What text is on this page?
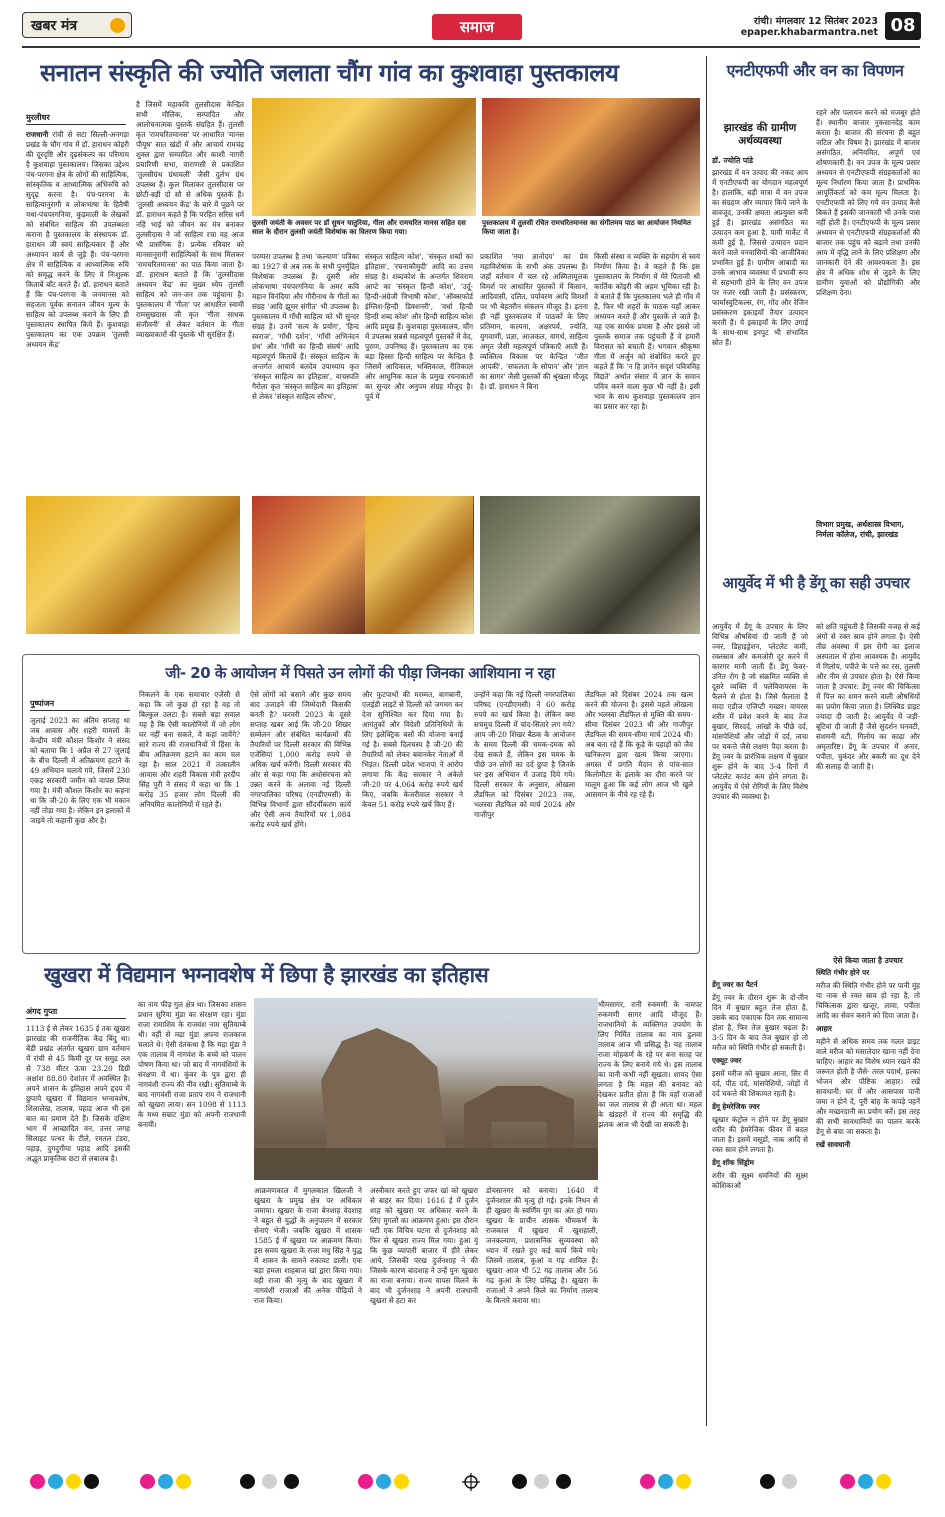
खबर मंत्र	समाज	रांची। मंगलवार 12 सितंबर 2023
epaper.khabarmantra.net 08
सनातन संस्कृति की ज्योति जलाता चौंग गांव का कुशवाहा पुस्तकालय
मुरलीधर
राजधानी रांची से सटा सिल्ली-अनगड़ा प्रखंड के चौंग गांव में डॉ. हाराधन कोइरी की दूरदृष्टि और दृढ़संकल्प का परिणाम है कुशवाहा पुस्तकालय। जिसका उद्देश्य पंच-परगना क्षेत्र के लोगों की साहित्यिक, सांस्कृतिक व आध्यात्मिक अभिरुचि को सुदृढ़ करना है। पंच-परगना के साहित्यानुरागी व लोकभाषा के हितैषी यथा-पंचपरगनिया, कुड़माली के लेखकों को संबंधित साहित्य की उपलब्धता कराना है पुस्तकालय के संस्थापक डॉ. हाराधन जी स्वयं साहित्यकार हैं और अध्यापन कार्य से जुड़े हैं। पंच-परगना क्षेत्र में साहित्यिक व आध्यात्मिक रुचि को समृद्ध करने के लिए वे निःशुल्क किताबें बाँट करते हैं। डॉ. हाराधन बताते हैं कि पंच-परगना के जनमानस को सहजता पूर्वक सनातन जीवन मूल्य के साहित्य को उपलब्ध कराने के लिए ही पुस्तकालय स्थापित किये हैं। कुशवाहा पुस्तकालय का एक उपक्रम 'तुलसी अध्ययन केंद्र'
है जिसमें महाकवि तुलसीदास केन्द्रित सभी मौलिक, सम्पादित और आलोचनात्मक पुस्तकें संग्रहित हैं। तुलसी कृत 'रामचरितमानस' पर आधारित 'मानस पीयूष' सात खंडों में और आचार्य रामचंद्र शुक्ल द्वारा सम्पादित और काशी नागरी प्रचारिणी सभा, वाराणसी से प्रकाशित 'तुलसीग्रंथ ग्रंथावली' जैसी दुर्लभ ग्रंथ उपलब्ध हैं। कुल मिलाकर तुलसीदास पर छोटी-बड़ी दो सौ से अधिक पुस्तकें हैं। 'तुलसी अध्ययन केंद्र' के बारे में पूछने पर डॉ. हाराधन कहते हैं कि परहित सरिस धर्म नहिं भाई को जीवन का मंत्र बनाकर तुलसीदास ने जो साहित्य रचा वह आज भी प्रासंगिक है। प्रत्येक रविवार को मानसानुरागी साहित्यिकों के साथ मिलकर 'रामचरितमानस' का पाठ किया जाता है। डॉ. हाराधन बताते हैं कि 'तुलसीदास अध्ययन केंद्र' का मुख्य ध्येय तुलसी साहित्य को जन-जन तक पहुंचाना है। पुस्तकालय में 'गीता' पर आधारित स्वामी रामसुखदास जी कृत 'गीता साधक संजीवनी' से लेकर वर्तमान के गीता व्याख्याकारों की पुस्तकें भी सुरक्षित हैं।
तुलसी जयंती के अवसर पर डॉ सुधन चातुरिया, गीता और रामचरित मानस सहित दस साल के दौरान तुलसी जयंती विशेषांक का वितरण किया गया।
पुस्तकालय में तुलसी रचित रामचरितमानस का संगीतमय पाठ का आयोजन नियमित किया जाता है।
परम्परा उपलब्ध है तथा 'कल्याण' पत्रिका का 1927 से अब तक के सभी पुनर्मुद्रित विशेषांक उपलब्ध हैं। दूसरी ओर लोकभाषा पंचपरगनिया के अमर कवि महान विनंदिया और गौरीनाथ के गीतों का संग्रह 'आदि झूमर संगीत' भी उपलब्ध है। पुस्तकालय में गाँधी साहित्य को भी सुन्दर संग्रह है। उनमें 'सत्य के प्रयोग', 'हिन्द स्वराज', 'गाँधी दर्शन', 'गाँधी अभिनंदन ग्रंथ' और 'गाँधी का हिन्दी संघर्ष' आदि महत्वपूर्ण किताबें हैं। संस्कृत साहित्य के अन्तर्गत आचार्य बलदेव उपाध्याय कृत 'संस्कृत साहित्य का इतिहास', वाचस्पति गैरोला कृत 'संस्कृत साहित्य का इतिहास' से लेकर 'संस्कृत साहित्य सौरभ',
संस्कृत साहित्य कोश', 'संस्कृत शब्दों का इतिहास', 'रचनाकौमुदी' आदि का उत्तम संग्रह है। शब्दकोश के अन्तर्गत शिवराम आप्टे का 'संस्कृत हिन्दी कोश', 'उर्दू-हिन्दी-अंग्रेजी त्रिभाषी कोश', 'ऑक्सफोर्ड इंग्लिश-हिन्दी डिक्शनरी', 'वर्धा हिन्दी हिन्दी शब्द कोश' और हिन्दी साहित्य कोश आदि प्रमुख हैं। कुशवाहा पुस्तकालय, चौंग में उपलब्ध सबसे महत्वपूर्ण पुस्तकों में वेद, पुराण, उपनिषद हैं। पुस्तकालय का एक बड़ा हिस्सा हिन्दी साहित्य पर केन्द्रित है जिसमें आदिकाल, भक्तिकाल, रीतिकाल और आधुनिक काल के प्रमुख रचनाकारों का सुन्दर और अनुपम संग्रह मौजूद है। पूर्व में
प्रकाशित 'नया ज्ञानोदय' का प्रेम महाविशेषांक के सभी अंक उपलब्ध हैं। जहाँ वर्तमान में चल रहे अस्मितामूलक विमर्श पर आधारित पुस्तकों में किसान, आदिवासी, दलित, पर्यावरण आदि विमर्शों पर भी बेहतरीन संकलन मौजूद है। इतना ही नहीं पुस्तकालय में पाठकों के लिए प्रतिमान, कल्पना, अक्षरपर्व, ज्योति, युगवाणी, प्रज्ञा, आजकल, वागर्थ, साहित्य अमृत जैसी महत्वपूर्ण पत्रिकाएँ आती हैं। व्यक्तित्व विकास पर केन्द्रित 'जीत आपकी', 'सफलता के सोपान' और 'ज्ञान का सागर' जैसी पुस्तकों की श्रृंखला मौजूद है। डॉ. हाराधन ने बिना
किसी संस्था व व्यक्ति के सहयोग से स्वयं निर्माण किया है। वे कहते हैं कि इस पुस्तकालय के निर्माण में मेरे पिताजी श्री कार्तिक कोइरी की अहम भूमिका रही है। वे बताते हैं कि पुस्तकालय भले ही गाँव में है, फिर भी शहरों के पाठक यहाँ आकर अध्ययन करते हैं और पुस्तकें ले जाते हैं। यह एक सार्थक प्रयास है और इससे जो पुस्तकें समाज तक पहुंचती हैं वे हमारी विरासत को बचाती हैं। भगवान श्रीकृष्ण गीता में अर्जुन को संबोधित करते हुए कहते हैं कि 'न हि ज्ञानेन सदृशं पवित्रमिह विद्यते' अर्थात संसार में ज्ञान के समान पवित्र करने वाला कुछ भी नहीं है। इसी भाव के साथ कुशवाहा पुस्तकालय ज्ञान का प्रसार कर रहा है।
एनटीएफपी और वन का विपणन
झारखंड की ग्रामीण अर्थव्यवस्था
डॉ. ज्योति पांडे
झारखंड में वन उत्पाद की नकद आय में एनटीएफपी का योगदान महत्वपूर्ण है। हालांकि, बड़ी मात्रा में वन उपज का संग्रहण और व्यापार किये जाने के बावजूद, उनकी क्षमता अप्रयुक्त बनी हुई है। झारखंड असंगठित का उत्पादन कम हुआ है, पायी मार्केट में कमी हुई है, जिससे उत्पादन प्रदान करने वाले वनवासियों की आजीविका प्रभावित हुई है। ग्रामीण आबादी का उनके आभाव व्यवस्था में प्रभावी रूप से सहभागी होने के लिए वन उपज पर नजर रखी जाती है। प्रसंस्करण, फार्मास्युटिकल्स, रंग, गोंद और रेजिन प्रसंस्करण इकाइयाँ तैयार उत्पादन करती हैं। ये इकाइयाँ के लिए उगाई के साथ-साथ इनपुट भी संभावित स्रोत हैं।
रहने और पलायन करने को मजबूर होते हैं। स्थानीय बाजार नुकसानदेह काम करता है। बाजार की संरचना ही बहुत जटिल और विषम है। झारखंड में बाजार असंगठित, अनियमित, अपूर्ण एवं शोषणकारी है। वन उपज के मूल्य प्रसार अध्ययन से एनटीएफपी संग्रहकर्ताओं का मूल्य निर्धारण किया जाता है। प्राथमिक आपूर्तिकर्ता को कम मूल्य मिलता है। एनटीएफपी को लिए गये वन उत्पाद कैसे बिकते हैं इसकी जानकारी भी उनके पास नहीं होती है। एनटीएफपी के मूल्य प्रसार अध्ययन से एनटीएफपी संग्रहकर्ताओं की बाजार तक पहुंच को बढ़ाने तथा उनकी आय में वृद्धि लाने के लिए प्रशिक्षण और जानकारी देने की आवश्यकता है। इस क्षेत्र में अधिक शोध से जुड़ने के लिए ग्रामीण युवाओं को प्रौद्योगिकी और प्रशिक्षण देना।
विभाग प्रमुख, अर्थशास्त्र विभाग, निर्मला कॉलेज, रांची, झारखंड
आयुर्वेद में भी है डेंगू का सही उपचार
आयुर्वेद में डेंगू के उपचार के लिए विभिन्न औषधियां दी जाती हैं जो ज्वर, डिहाइड्रेशन, प्लेटलेट कमी, रक्तस्राव और कमजोरी दूर करने में कारगर मानी जाती हैं। डेंगू फेवर-उनित रोग है जो संक्रमित व्यक्ति से दूसरे व्यक्ति में फ्लेविवायरस के फैलने से होता है। जिसे फैलाता है मादा एडीज एजिप्टी मच्छर। वायरस शरीर में प्रवेश करने के बाद तेज बुखार, सिरदर्द, आंखों के पीछे दर्द, मांसपेशियों और जोड़ों में दर्द, त्वचा पर चकत्ते जैसे लक्षण पैदा करता है। डेंगू ज्वर के प्रारंभिक लक्षण में बुखार शुरू होने के बाद 3-4 दिनों में प्लेटलेट काउंट कम होने लगता है। आयुर्वेद में ऐसे रोगियों के लिए विशेष उपचार की व्यवस्था है।
को क्षति पहुंचती है जिसकी वजह से कई अंगों से रक्त स्राव होने लगता है। ऐसी तीव्र अवस्था में इस रोगी का इलाज अस्पताल में होना आवश्यक है। आयुर्वेद में गिलोय, पपीते के पत्ते का रस, तुलसी और नीम से उपचार होता है। ऐसे किया जाता है उपचार: डेंगू ज्वर की चिकित्सा में पित्त का शमन करने वाली औषधियों का प्रयोग किया जाता है। लिक्विड डाइट ज्यादा दी जाती है। आयुर्वेद में जड़ी-बूटियां दी जाती हैं जैसे सुदर्शन घनवटी, संशमनी वटी, गिलोय का काढ़ा और अमृतारिष्ट। डेंगू के उपचार में अनार, पपीता, चुकंदर और बकरी का दूध देने की सलाह दी जाती है।
ऐसे किया जाता है उपचार

डेंगू ज्वर का पैटर्न

डेंगू ज्वर के दौरान शुरू के दो-तीन दिन में बुखार बहुत तेज होता है, उसके बाद एकाएक दिन तक सामान्य होता है, फिर तेज बुखार चढ़ता है। 3-5 दिन के बाद तेज बुखार हो तो मरीज को स्थिति गंभीर हो सकती है।

एक्यूट ज्वर

इसमें मरीज को बुखार आना, सिर में दर्द, पीठ दर्द, मांसपेशियों, जोड़ों में दर्द चकत्ते की शिकायत रहती है।

डेंगू हेमरेजिक ज्वर

खुखार कंट्रोल न होने पर डेंगू बुखार शरीर की हेमरेजिक फीवर में बदल जाता है। इसमें मसूड़ों, नाक आदि से रक्त स्राव होने लगता है।

डेंगू शॉक सिंड्रोम

शरीर की सूक्ष्म धमनियों की सूक्ष्म कोशिकाओं

स्थिति गंभीर होने पर

मरीज की स्थिति गंभीर होने पर पानी मुंह या नाक से रक्त स्राव हो रहा है, तो चिकित्सक द्वारा खजूर, लावा, पपीता आदि का सेवन कराने को दिया जाता है।

आहार

महीने से अधिक समय तक गलत डाइट वाले मरीज को मसालेदार खाना नहीं देना चाहिए। आहार का विशेष ध्यान रखने की जरूरत होती है जैसे- तरल पदार्थ, हल्का भोजन और पौष्टिक आहार। रखें सावधानी: घर में और आसपास पानी जमा न होने दें, पूरी बांह के कपड़े पहनें और मच्छरदानी का प्रयोग करें। इस तरह की सभी सावधानियों का पालन करके डेंगू से बचा जा सकता है।

रखें सावधानी

जी- 20 के आयोजन में पिसते उन लोगों की पीड़ा जिनका आशियाना न रहा
पुष्पांजन
जुलाई 2023 का अंतिम सप्ताह था जब आवास और शहरी मामलों के केन्द्रीय मंत्री कौशल किशोर ने संसद को बताया कि 1 अप्रैल से 27 जुलाई के बीच दिल्ली में अतिक्रमण हटाने के 49 अभियान चलाये गये, जिसमें 230 एकड़ सरकारी जमीन को वापस लिया गया है। मंत्री कौशल किशोर का कहना था कि जी-20 के लिए एक भी मकान नहीं तोड़ा गया है। लेकिन इन इलाकों में जाइये तो कहानी कुछ और है।
निकलने के एक समाचार एजेंसी से कहा कि जो कुछ हो रहा है वह तो बिल्कुल उलटा है। सबसे बड़ा सवाल यह है कि ऐसी कालोनियों में जो लोग घर नहीं बना सकते, वे कहां जायेंगे? सारे राज्य की राजधानियों में हिंसा के बीच अतिक्रमण हटाने का काम चल रहा है। साल 2021 में तत्कालीन आवास और शहरी विकास मंत्री हरदीप सिंह पुरी ने संसद में कहा था कि 1 करोड़ 35 हजार लोग दिल्ली की अनियमित कालोनियों में रहते हैं।
ऐसे लोगों को बसाने और कुछ समय बाद उजाड़ने की जिम्मेदारी किसकी बनती है? फरवरी 2023 के दूसरे सप्ताह खबर आई कि जी-20 शिखर सम्मेलन और संबंधित कार्यक्रमों की तैयारियों पर दिल्ली सरकार की विभिन्न एजेंसियां 1,000 करोड़ रुपये से अधिक खर्च करेंगी। दिल्ली सरकार की ओर से कहा गया कि अधोसंरचना को उन्नत करने के अलावा नई दिल्ली नगरपालिका परिषद (एनडीएमसी) के विभिन्न विभागों द्वारा सौंदर्यीकरण कार्य और ऐसी अन्य तैयारियों पर 1,084 करोड़ रुपये खर्च होंगे।
और फुटपाथों की मरम्मत, बागबानी, एलईडी लाइटें से दिल्ली को जगमग कर देना सुनिश्चित कर दिया गया है। आगंतुकों और विदेशी प्रतिनिधियों के लिए इलेक्ट्रिक बसों की योजना बनाई गई है। सबसे दिलचस्प है जी-20 की तैयारियों को लेकर बवानकेर नेताओं में भिड़ंत। दिल्ली प्रदेश भाजपा ने आरोप लगाया कि केंद्र सरकार ने अकेले जी-20 पर 4,064 करोड़ रुपये खर्च किए, जबकि केजरीवाल सरकार ने केवल 51 करोड़ रुपये खर्च किए हैं।
उन्होंने कहा कि नई दिल्ली नगरपालिका परिषद (एनडीएमसी) ने 60 करोड़ रुपये का खर्च किया है। लेकिन क्या सचमुच दिल्ली में चांद-सितारे लग गये? आप जी-20 शिखर बैठक के आयोजन के समय दिल्ली की चमक-दमक को देख सकते हैं, लेकिन इस चमक के पीछे उन लोगों का दर्द छुपा है जिनके घर इस अभियान में उजाड़ दिये गये। दिल्ली सरकार के अनुसार, ओखला लैंडफिल को दिसंबर 2023 तक, भलस्वा लैंडफिल को मार्च 2024 और गाजीपुर
लैंडफिल को दिसंबर 2024 तक खत्म करने की योजना है। इससे पहले ओखला और भलस्वा लैंडफिल से मुक्ति की समय-सीमा दिसंबर 2023 थी और गाजीपुर लैंडफिल की समय-सीमा मार्च 2024 थी। अब बता रहे हैं कि कूड़े के पहाड़ों को जैव खनिकरण द्वारा खत्म किया जाएगा। अगस्त में प्रगति मैदान से पांच-सात किलोमीटर के इलाके का दौरा करने पर मालूम हुआ कि कई लोग आज भी खुले आसमान के नीचे रह रहे हैं।
खुखरा में विद्यमान भग्नावशेष में छिपा है झारखंड का इतिहास
अंगद गुप्ता
1113 ई से लेकर 1635 ई तक खुखरा झारखंड की राजनीतिक केंद्र बिंदु था। बेंडी प्रखंड अंतर्गत खुखरा ग्राम वर्तमान में रांची से 45 किमी दूर पर समुद्र तल से 738 मीटर ऊंचा 23.20 डिग्री अक्षांश 88.80 देशांतर में अवस्थित है। अपने शासन के इतिहास अपने हृदय में छुपाये खुखरा में विद्यमान भग्नावशेष, शिलालेख, तालाब, पहाड़ आज भी इस बात का प्रमाण देते हैं। जिसके दक्षिण भाग में आच्छादित वन, उत्तर जगह सिलाइट पत्थर के टीले, रमतल टंडरा, पहाड़, दुगदुगीया पहाड़ आदि इसकी अद्भुत प्राकृतिक छटा से लबालब है।
का नाम फीड़ गुल क्षेत्र था। जिसका शासन प्रधान सुरिया मुंडा का संरक्षण रहा। मुंडा राजा रामाशिव के राजवंश नाम सुतियाम्बे थी। वहीं से मद्रा मुंडा अपना राजकाज चलाते थे। ऐसी दंतकथा है कि मद्रा मुंडा ने एक तालाब में नागवंश के बच्चे को पालन पोषण किया था। जो बाद में नागवंशियों के संरक्षण में था। कुंवर के पुत्र द्वारा ही नागवंशी राज्य की नींव रखी। सुतियाम्बे के बाद नागवंशी राजा प्रताप राय ने राजधानी को खुखरा लाया। सन 1098 से 1113 के मध्य सम्राट मुंडा को अपनी राजधानी बनायी।
आक्रमणकाल में मुगलकाल खिलजी ने खुखरा के प्रमुख क्षेत्र पर अधिकार जमाया। खुखरा के राजा बेनशाह वेदशाह ने बहुत से युद्धों के अनुपालन में सरकार सेनाएं भेजी। जबकि खुखरा में शासक 1585 ई में खुखरा पर आक्रमण किया। इस समय खुखरा के राजा मधु सिंह ने युद्ध में शासन के सामने रुकावट डाली। एक बड़ा हमला शाहबाज खां द्वारा किया गया। वही राजा की मृत्यु के बाद खुखरा में नागवंशी राजाओं की अनेक पीढ़ियों ने राज किया।
अस्त्रीकार करते हुए जफर खां को खुखरा से बाहर कर दिया। 1616 ई में दुर्जन शाह को खुखरा पर अधिकार करने के लिए मुगलों का आक्रमण हुआ। इस दौरान घटी एक विचित्र घटना से दुर्जनशाह को फिर से खुखरा राज्य मिल गया। हुआ यूं कि कुछ व्यापारी बाजार में हीरे लेकर आये, जिसकी परख दुर्जनशाह ने की जिसके कारण बादशाह ने उन्हें पुनः खुखरा का राजा बनाया। राज्य वापस मिलने के बाद भी दुर्जनशाह ने अपनी राजधानी खुखरा से हटा कर
डोयसानगर को बनाया। 1640 में दुर्जनशाल की मृत्यु हो गई। इनके निधन से ही खुखरा के स्वर्णिम युग का अंत हो गया। खुखरा के प्राचीन शासक भीमकर्ण के राजकाल में खुखरा में खुशहाली, जनकल्याण, प्रशासनिक सुव्यवस्था को ध्यान में रखते हुए कई कार्य किये गये। जिसमें तालाब, कुआं व गढ़ शामिल हैं। खुखरा आज भी 52 गढ़ तालाब और 56 गढ़ कुआं के लिए प्रसिद्ध है। खुखरा के राजाओं ने अपने किले का निर्माण तालाब के किनारे कराया था।
भीमसागर, रानी रुक्मणी के नामपर रुकमणी सागर आदि मौजूद हैं। राजधानियों के व्यक्तिगत उपयोग के लिए निर्मित तालाब का नाम डुलवा तालाब आज भी प्रसिद्ध है। यह तालाब राजा मोहकर्ण के रहे पर बना सतह पर राज्य के लिए बनाये गये थे। इस तालाब का पानी कभी नहीं सूखता। शायद ऐसा लगता है कि महल की बनावट को देखकर प्रतीत होता है कि यहाँ राजाओं का जल तालाब से ही आता था। महल के खंडहरों में राज्य की समृद्धि की झलक आज भी देखी जा सकती है।
